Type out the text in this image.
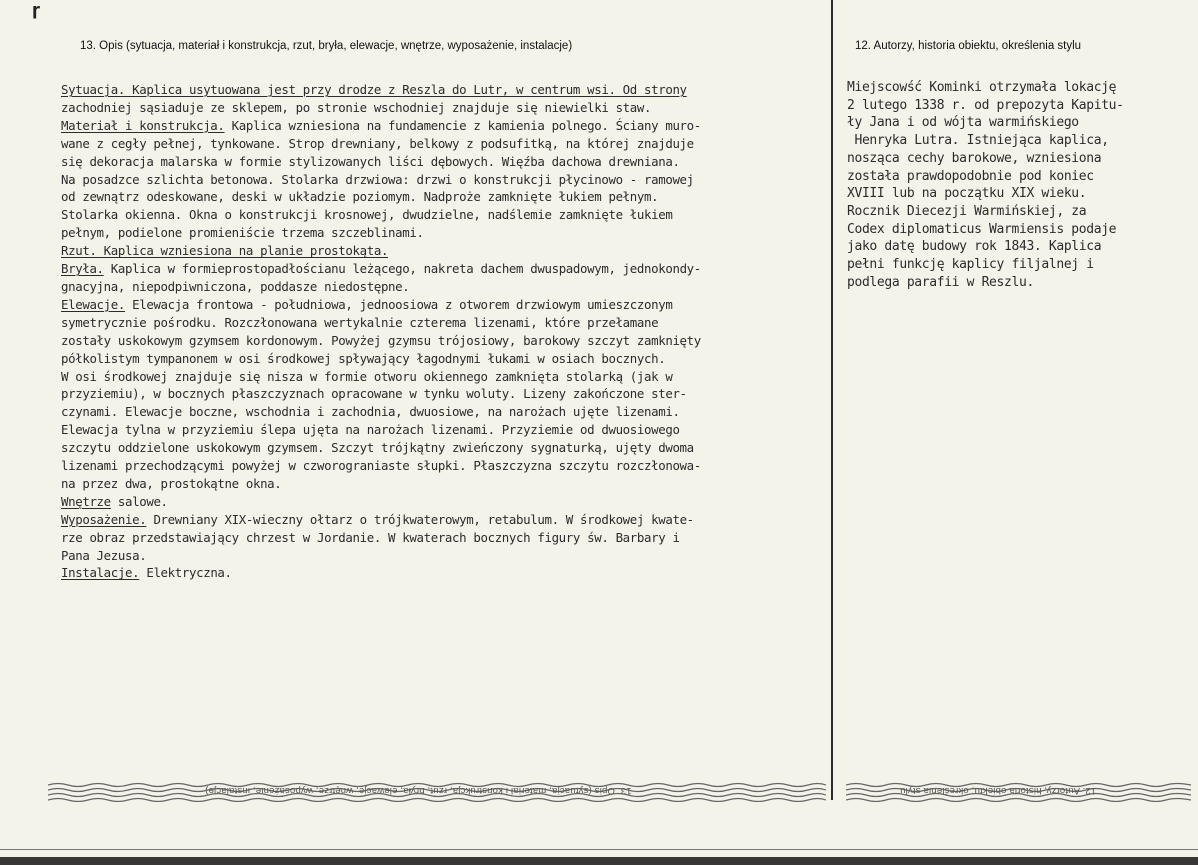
ɼ
13. Opis (sytuacja, materiał i konstrukcja, rzut, bryła, elewacje, wnętrze, wyposażenie, instalacje)	12. Autorzy, historia obiektu, określenia stylu
Sytuacja. Kaplica usytuowana jest przy drodze z Reszla do Lutr, w centrum wsi. Od strony
zachodniej sąsiaduje ze sklepem, po stronie wschodniej znajduje się niewielki staw.
Materiał i konstrukcja. Kaplica wzniesiona na fundamencie z kamienia polnego. Ściany muro-
wane z cegły pełnej, tynkowane. Strop drewniany, belkowy z podsufitką, na której znajduje
się dekoracja malarska w formie stylizowanych liści dębowych. Więźba dachowa drewniana.
Na posadzce szlichta betonowa. Stolarka drzwiowa: drzwi o konstrukcji płycinowo - ramowej
od zewnątrz odeskowane, deski w układzie poziomym. Nadproże zamknięte łukiem pełnym.
Stolarka okienna. Okna o konstrukcji krosnowej, dwudzielne, nadślemie zamknięte łukiem
pełnym, podielone promieniście trzema szczeblinami.
Rzut. Kaplica wzniesiona na planie prostokąta.
Bryła. Kaplica w formieprostopadłościanu leżącego, nakreta dachem dwuspadowym, jednokondy-
gnacyjna, niepodpiwniczona, poddasze niedostępne.
Elewacje. Elewacja frontowa - południowa, jednoosiowa z otworem drzwiowym umieszczonym
symetrycznie pośrodku. Rozczłonowana wertykalnie czterema lizenami, które przełamane
zostały uskokowym gzymsem kordonowym. Powyżej gzymsu trójosiowy, barokowy szczyt zamknięty
półkolistym tympanonem w osi środkowej spływający łagodnymi łukami w osiach bocznych.
W osi środkowej znajduje się nisza w formie otworu okiennego zamknięta stolarką (jak w
przyziemiu), w bocznych płaszczyznach opracowane w tynku woluty. Lizeny zakończone ster-
czynami. Elewacje boczne, wschodnia i zachodnia, dwuosiowe, na narożach ujęte lizenami.
Elewacja tylna w przyziemiu ślepa ujęta na narożach lizenami. Przyziemie od dwuosiowego
szczytu oddzielone uskokowym gzymsem. Szczyt trójkątny zwieńczony sygnaturką, ujęty dwoma
lizenami przechodzącymi powyżej w czworograniaste słupki. Płaszczyzna szczytu rozczłonowa-
na przez dwa, prostokątne okna.
Wnętrze salowe.
Wyposażenie. Drewniany XIX-wieczny ołtarz o trójkwaterowym, retabulum. W środkowej kwate-
rze obraz przedstawiający chrzest w Jordanie. W kwaterach bocznych figury św. Barbary i
Pana Jezusa.
Instalacje. Elektryczna.
Miejscowść Kominki otrzymała lokację
2 lutego 1338 r. od prepozyta Kapitu-
ły Jana i od wójta warmińskiego
Henryka Lutra. Istniejąca kaplica,
nosząca cechy barokowe, wzniesiona
została prawdopodobnie pod koniec
XVIII lub na początku XIX wieku.
Rocznik Diecezji Warmińskiej, za
Codex diplomaticus Warmiensis podaje
jako datę budowy rok 1843. Kaplica
pełni funkcję kaplicy filjalnej i
podlega parafii w Reszlu.
13. Opis (sytuacja, materiał i konstrukcja, rzut, bryła, elewacje, wnętrze, wyposażenie, instalacje)	12. Autorzy, historia obiektu, określenia stylu
